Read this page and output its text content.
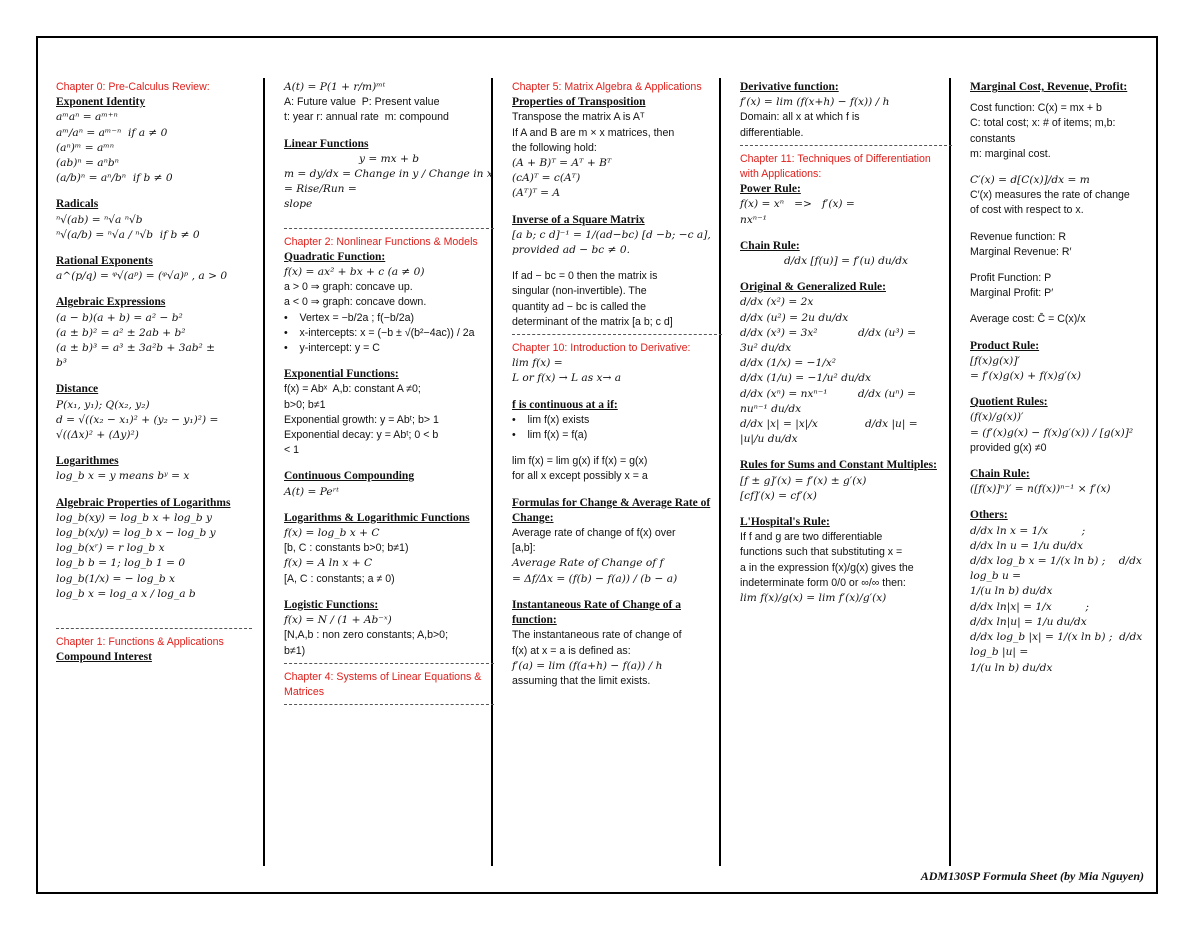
Chapter 0: Pre-Calculus Review:
Exponent Identity
aᵐaⁿ = aᵐ⁺ⁿ
aᵐ/aⁿ = aᵐ⁻ⁿ  if a ≠ 0
(aⁿ)ᵐ = aᵐⁿ
(ab)ⁿ = aⁿbⁿ
(a/b)ⁿ = aⁿ/bⁿ  if b ≠ 0
Radicals
ⁿ√(ab) = ⁿ√a ⁿ√b
ⁿ√(a/b) = ⁿ√a / ⁿ√b  if b ≠ 0
Rational Exponents
a^(p/q) = ᵠ√(aᵖ) = (ᵠ√a)ᵖ , a > 0
Algebraic Expressions
(a − b)(a + b) = a² − b²
(a ± b)² = a² ± 2ab + b²
(a ± b)³ = a³ ± 3a²b + 3ab² ±
b³
Distance
P(x₁, y₁); Q(x₂, y₂)
d = √((x₂ − x₁)² + (y₂ − y₁)²) =
√((Δx)² + (Δy)²)
Logarithmes
log_b x = y means bʸ = x
Algebraic Properties of Logarithms
log_b(xy) = log_b x + log_b y
log_b(x/y) = log_b x − log_b y
log_b(xʳ) = r log_b x
log_b b = 1; log_b 1 = 0
log_b(1/x) = − log_b x
log_b x = log_a x / log_a b
Chapter 1: Functions & Applications
Compound Interest
A(t) = P(1 + r/m)ᵐᵗ
A: Future value  P: Present value
t: year r: annual rate  m: compound
Linear Functions
y = mx + b
m = dy/dx = Change in y / Change in x = Rise/Run =
slope
Chapter 2: Nonlinear Functions & Models
Quadratic Function:
f(x) = ax² + bx + c (a ≠ 0)
a > 0 ⇒ graph: concave up.
a < 0 ⇒ graph: concave down.
•    Vertex = −b/2a ; f(−b/2a)
•    x-intercepts: x = (−b ± √(b²−4ac)) / 2a
•    y-intercept: y = C
Exponential Functions:
f(x) = Abˣ  A,b: constant A ≠0;
b>0; b≠1
Exponential growth: y = Abᵗ; b> 1
Exponential decay: y = Abᵗ; 0 < b
< 1
Continuous Compounding
A(t) = Peʳᵗ
Logarithms & Logarithmic Functions
f(x) = log_b x + C
[b, C : constants b>0; b≠1)
f(x) = A ln x + C
[A, C : constants; a ≠ 0)
Logistic Functions:
f(x) = N / (1 + Ab⁻ˣ)
[N,A,b : non zero constants; A,b>0;
b≠1)
Chapter 4: Systems of Linear Equations & Matrices
Chapter 5: Matrix Algebra & Applications
Properties of Transposition
Transpose the matrix A is Aᵀ
If A and B are m × x matrices, then
the following hold:
(A + B)ᵀ = Aᵀ + Bᵀ
(cA)ᵀ = c(Aᵀ)
(Aᵀ)ᵀ = A
Inverse of a Square Matrix
[a b; c d]⁻¹ = 1/(ad−bc) [d −b; −c a],
provided ad − bc ≠ 0.
If ad − bc = 0 then the matrix is
singular (non-invertible). The
quantity ad − bc is called the
determinant of the matrix [a b; c d]
Chapter 10: Introduction to Derivative:
lim f(x) =
L or f(x) → L as x→ a
f is continuous at a if:
•    lim f(x) exists
•    lim f(x) = f(a)
lim f(x) = lim g(x) if f(x) = g(x)
for all x except possibly x = a
Formulas for Change & Average Rate of Change:
Average rate of change of f(x) over
[a,b]:
Average Rate of Change of f
= Δf/Δx = (f(b) − f(a)) / (b − a)
Instantaneous Rate of Change of a function:
The instantaneous rate of change of
f(x) at x = a is defined as:
f′(a) = lim (f(a+h) − f(a)) / h
assuming that the limit exists.
Derivative function:
f′(x) = lim (f(x+h) − f(x)) / h
Domain: all x at which f is
differentiable.
Chapter 11: Techniques of Differentiation with Applications:
Power Rule:
f(x) = xⁿ   =>   f′(x) =
nxⁿ⁻¹
Chain Rule:
d/dx [f(u)] = f′(u) du/dx
Original & Generalized Rule:
d/dx (x²) = 2x
d/dx (u²) = 2u du/dx
d/dx (x³) = 3x²            d/dx (u³) =
3u² du/dx
d/dx (1/x) = −1/x²
d/dx (1/u) = −1/u² du/dx
d/dx (xⁿ) = nxⁿ⁻¹         d/dx (uⁿ) =
nuⁿ⁻¹ du/dx
d/dx |x| = |x|/x              d/dx |u| =
|u|/u du/dx
Rules for Sums and Constant Multiples:
[f ± g]′(x) = f′(x) ± g′(x)
[cf]′(x) = cf′(x)
L'Hospital's Rule:
If f and g are two differentiable
functions such that substituting x =
a in the expression f(x)/g(x) gives the
indeterminate form 0/0 or ∞/∞ then:
lim f(x)/g(x) = lim f′(x)/g′(x)
Marginal Cost, Revenue, Profit:
Cost function: C(x) = mx + b
C: total cost; x: # of items; m,b:
constants
m: marginal cost.
C′(x) = d[C(x)]/dx = m
C′(x) measures the rate of change
of cost with respect to x.
Revenue function: R
Marginal Revenue: R′
Profit Function: P
Marginal Profit: P′
Average cost: C̄ = C(x)/x
Product Rule:
[f(x)g(x)]′
= f′(x)g(x) + f(x)g′(x)
Quotient Rules:
(f(x)/g(x))′
= (f′(x)g(x) − f(x)g′(x)) / [g(x)]²
provided g(x) ≠0
Chain Rule:
([f(x)]ⁿ)′ = n(f(x))ⁿ⁻¹ × f′(x)
Others:
d/dx ln x = 1/x          ;
d/dx ln u = 1/u du/dx
d/dx log_b x = 1/(x ln b) ;    d/dx log_b u =
1/(u ln b) du/dx
d/dx ln|x| = 1/x          ;
d/dx ln|u| = 1/u du/dx
d/dx log_b |x| = 1/(x ln b) ;  d/dx log_b |u| =
1/(u ln b) du/dx
ADM130SP Formula Sheet (by Mia Nguyen)
